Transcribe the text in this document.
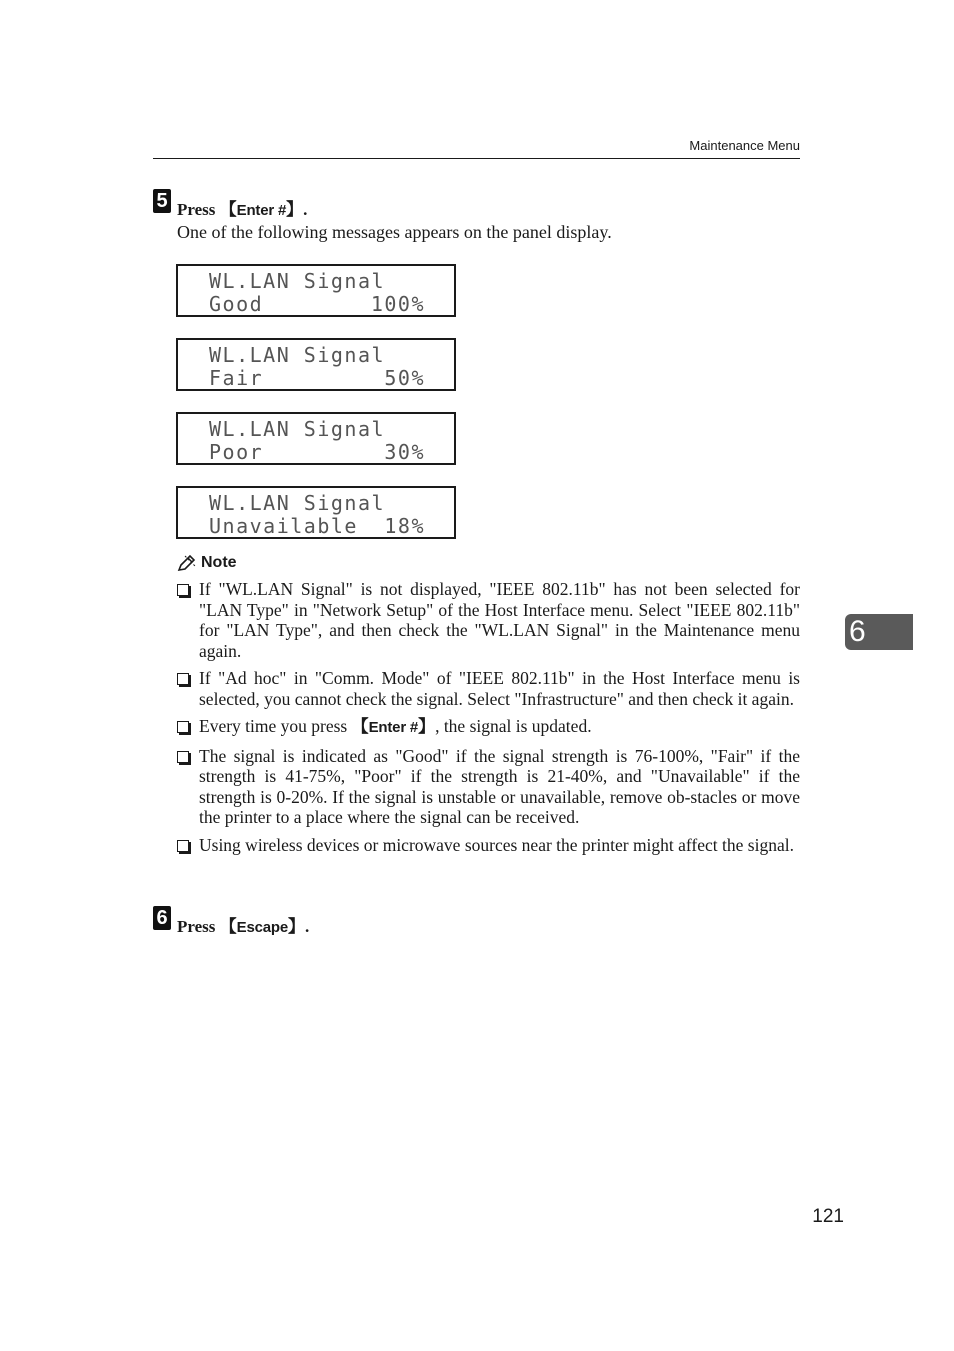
Maintenance Menu
5 Press 【Enter #】.
One of the following messages appears on the panel display.
WL.LAN Signal
Good	100%
WL.LAN Signal
Fair	50%
WL.LAN Signal
Poor	30%
WL.LAN Signal
Unavailable 18%
Note
If "WL.LAN Signal" is not displayed, "IEEE 802.11b" has not been selected for "LAN Type" in "Network Setup" of the Host Interface menu. Select "IEEE 802.11b" for "LAN Type", and then check the "WL.LAN Signal" in the Maintenance menu again.
If "Ad hoc" in "Comm. Mode" of "IEEE 802.11b" in the Host Interface menu is selected, you cannot check the signal. Select "Infrastructure" and then check it again.
Every time you press 【Enter #】, the signal is updated.
The signal is indicated as "Good" if the signal strength is 76-100%, "Fair" if the strength is 41-75%, "Poor" if the strength is 21-40%, and "Unavailable" if the strength is 0-20%. If the signal is unstable or unavailable, remove ob-stacles or move the printer to a place where the signal can be received.
Using wireless devices or microwave sources near the printer might affect the signal.
6 Press 【Escape】.
6
121
